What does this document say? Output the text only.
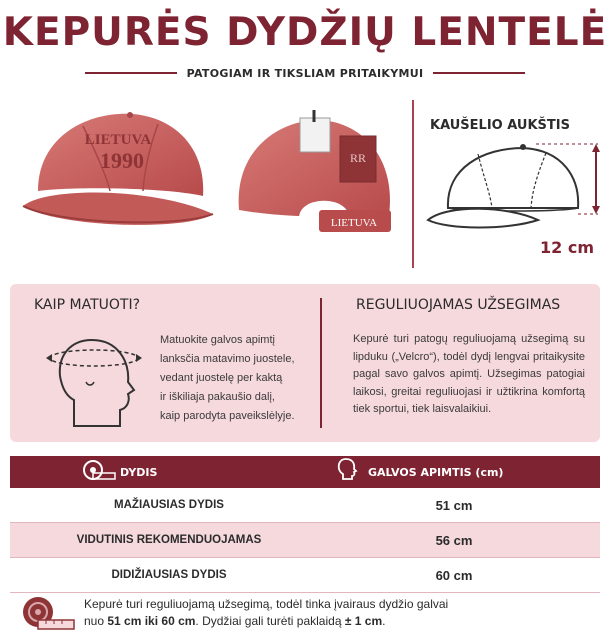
KEPURĖS DYDŽIŲ LENTELĖ
PATOGIAM IR TIKSLIAM PRITAIKYMUI
LIETUVA
1990
LIETUVA
RR
KAUŠELIO AUKŠTIS
12 cm
KAIP MATUOTI?
Matuokite galvos apimtį
lanksčia matavimo juostele,
vedant juostelę per kaktą
ir iškiliaja pakaušio dalį,
kaip parodyta paveikslėlyje.
REGULIUOJAMAS UŽSEGIMAS
Kepurė turi patogų reguliuojamą užsegimą su lipduku („Velcro“), todėl dydį lengvai pritaikysite pagal savo galvos apimtį. Užsegimas patogiai laikosi, greitai reguliuojasi ir užtikrina komfortą tiek sportui, tiek laisvalaikiui.
DYDIS	GALVOS APIMTIS (cm)
MAŽIAUSIAS DYDIS	51 cm
VIDUTINIS REKOMENDUOJAMAS	56 cm
DIDIŽIAUSIAS DYDIS	60 cm
Kepurė turi reguliuojamą užsegimą, todėl tinka įvairaus dydžio galvai
nuo 51 cm iki 60 cm. Dydžiai gali turėti paklaidą ± 1 cm.
